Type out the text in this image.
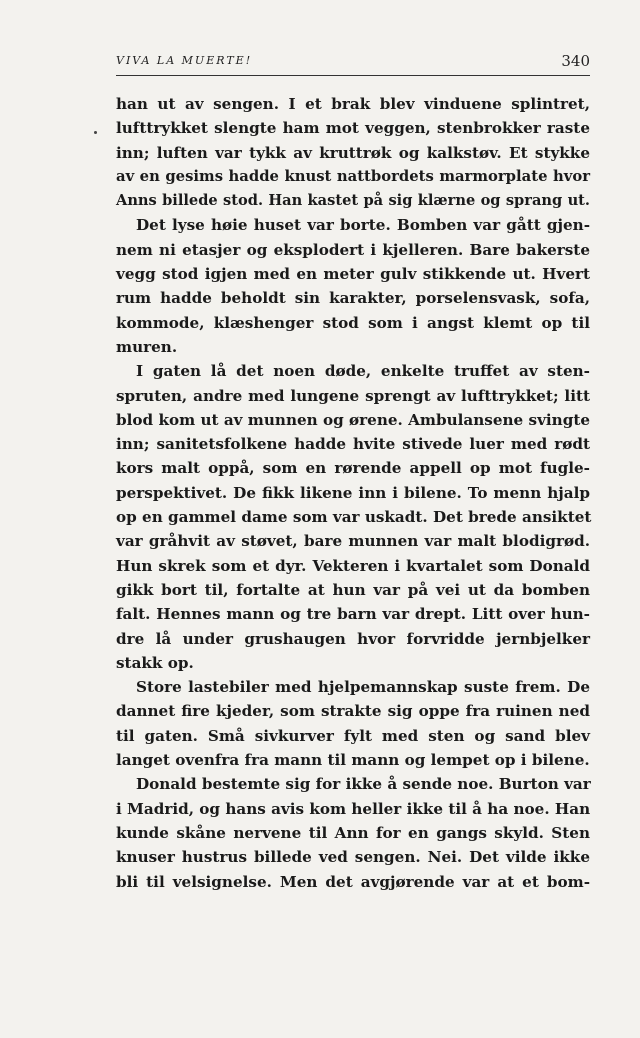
VIVA LA MUERTE!	340
han ut av sengen. I et brak blev vinduene splintret,
lufttrykket slengte ham mot veggen, stenbrokker raste
inn; luften var tykk av kruttrøk og kalkstøv. Et stykke
av en gesims hadde knust nattbordets marmorplate hvor
Anns billede stod. Han kastet på sig klærne og sprang ut.
Det lyse høie huset var borte. Bomben var gått gjen-
nem ni etasjer og eksplodert i kjelleren. Bare bakerste
vegg stod igjen med en meter gulv stikkende ut. Hvert
rum hadde beholdt sin karakter, porselensvask, sofa,
kommode, klæshenger stod som i angst klemt op til
muren.
I gaten lå det noen døde, enkelte truffet av sten-
spruten, andre med lungene sprengt av lufttrykket; litt
blod kom ut av munnen og ørene. Ambulansene svingte
inn; sanitetsfolkene hadde hvite stivede luer med rødt
kors malt oppå, som en rørende appell op mot fugle-
perspektivet. De fikk likene inn i bilene. To menn hjalp
op en gammel dame som var uskadt. Det brede ansiktet
var gråhvit av støvet, bare munnen var malt blodigrød.
Hun skrek som et dyr. Vekteren i kvartalet som Donald
gikk bort til, fortalte at hun var på vei ut da bomben
falt. Hennes mann og tre barn var drept. Litt over hun-
dre lå under grushaugen hvor forvridde jernbjelker
stakk op.
Store lastebiler med hjelpemannskap suste frem. De
dannet fire kjeder, som strakte sig oppe fra ruinen ned
til gaten. Små sivkurver fylt med sten og sand blev
langet ovenfra fra mann til mann og lempet op i bilene.
Donald bestemte sig for ikke å sende noe. Burton var
i Madrid, og hans avis kom heller ikke til å ha noe. Han
kunde skåne nervene til Ann for en gangs skyld. Sten
knuser hustrus billede ved sengen. Nei. Det vilde ikke
bli til velsignelse. Men det avgjørende var at et bom-
